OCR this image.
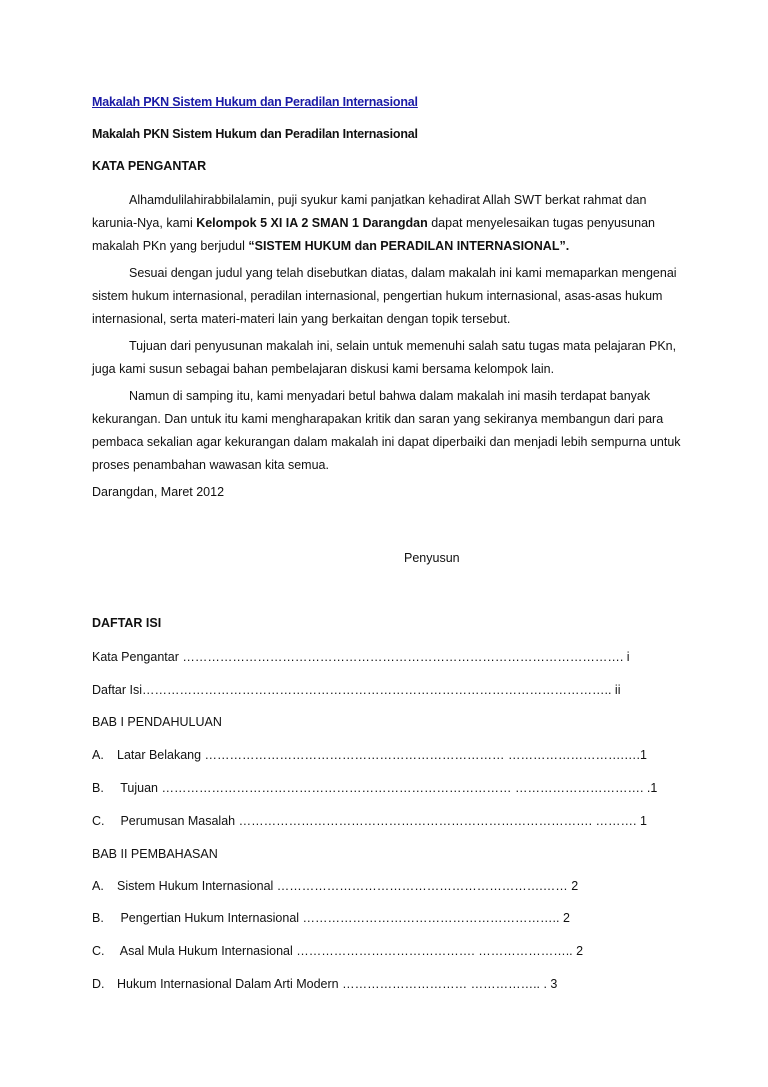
Makalah PKN Sistem Hukum dan Peradilan Internasional
Makalah PKN Sistem Hukum dan Peradilan Internasional
KATA PENGANTAR
Alhamdulilahirabbilalamin, puji syukur kami panjatkan kehadirat Allah SWT berkat rahmat dan karunia-Nya, kami Kelompok 5 XI IA 2 SMAN 1 Darangdan dapat menyelesaikan tugas penyusunan makalah PKn yang berjudul “SISTEM HUKUM dan PERADILAN INTERNASIONAL”.
Sesuai dengan judul yang telah disebutkan diatas, dalam makalah ini kami memaparkan mengenai sistem hukum internasional, peradilan internasional, pengertian hukum internasional, asas-asas hukum internasional, serta materi-materi lain yang berkaitan dengan topik tersebut.
Tujuan dari penyusunan makalah ini, selain untuk memenuhi salah satu tugas mata pelajaran PKn, juga kami susun sebagai bahan pembelajaran diskusi kami bersama kelompok lain.
Namun di samping itu, kami menyadari betul bahwa dalam makalah ini masih terdapat banyak kekurangan. Dan untuk itu kami mengharapakan kritik dan saran yang sekiranya membangun dari para pembaca sekalian agar kekurangan dalam makalah ini dapat diperbaiki dan menjadi lebih sempurna untuk proses penambahan wawasan kita semua.
Darangdan, Maret 2012
Penyusun
DAFTAR ISI
Kata Pengantar ……………………………………………………………………………………………. i
Daftar Isi………………………………………………………………………………………………….. ii
BAB I PENDAHULUAN
A. Latar Belakang ……………………………………………………………… ……………………….….1
B. Tujuan ………………………………………………………………………… …………………………. .1
C. Perumusan Masalah …………………………………………………………………………. ………. 1
BAB II PEMBAHASAN
A. Sistem Hukum Internasional ……………………………………………………….…… 2
B. Pengertian Hukum Internasional …………………………………………………….. 2
C. Asal Mula Hukum Internasional ……………………………………. ………………….. 2
D. Hukum Internasional Dalam Arti Modern ………………………… …………….. . 3
